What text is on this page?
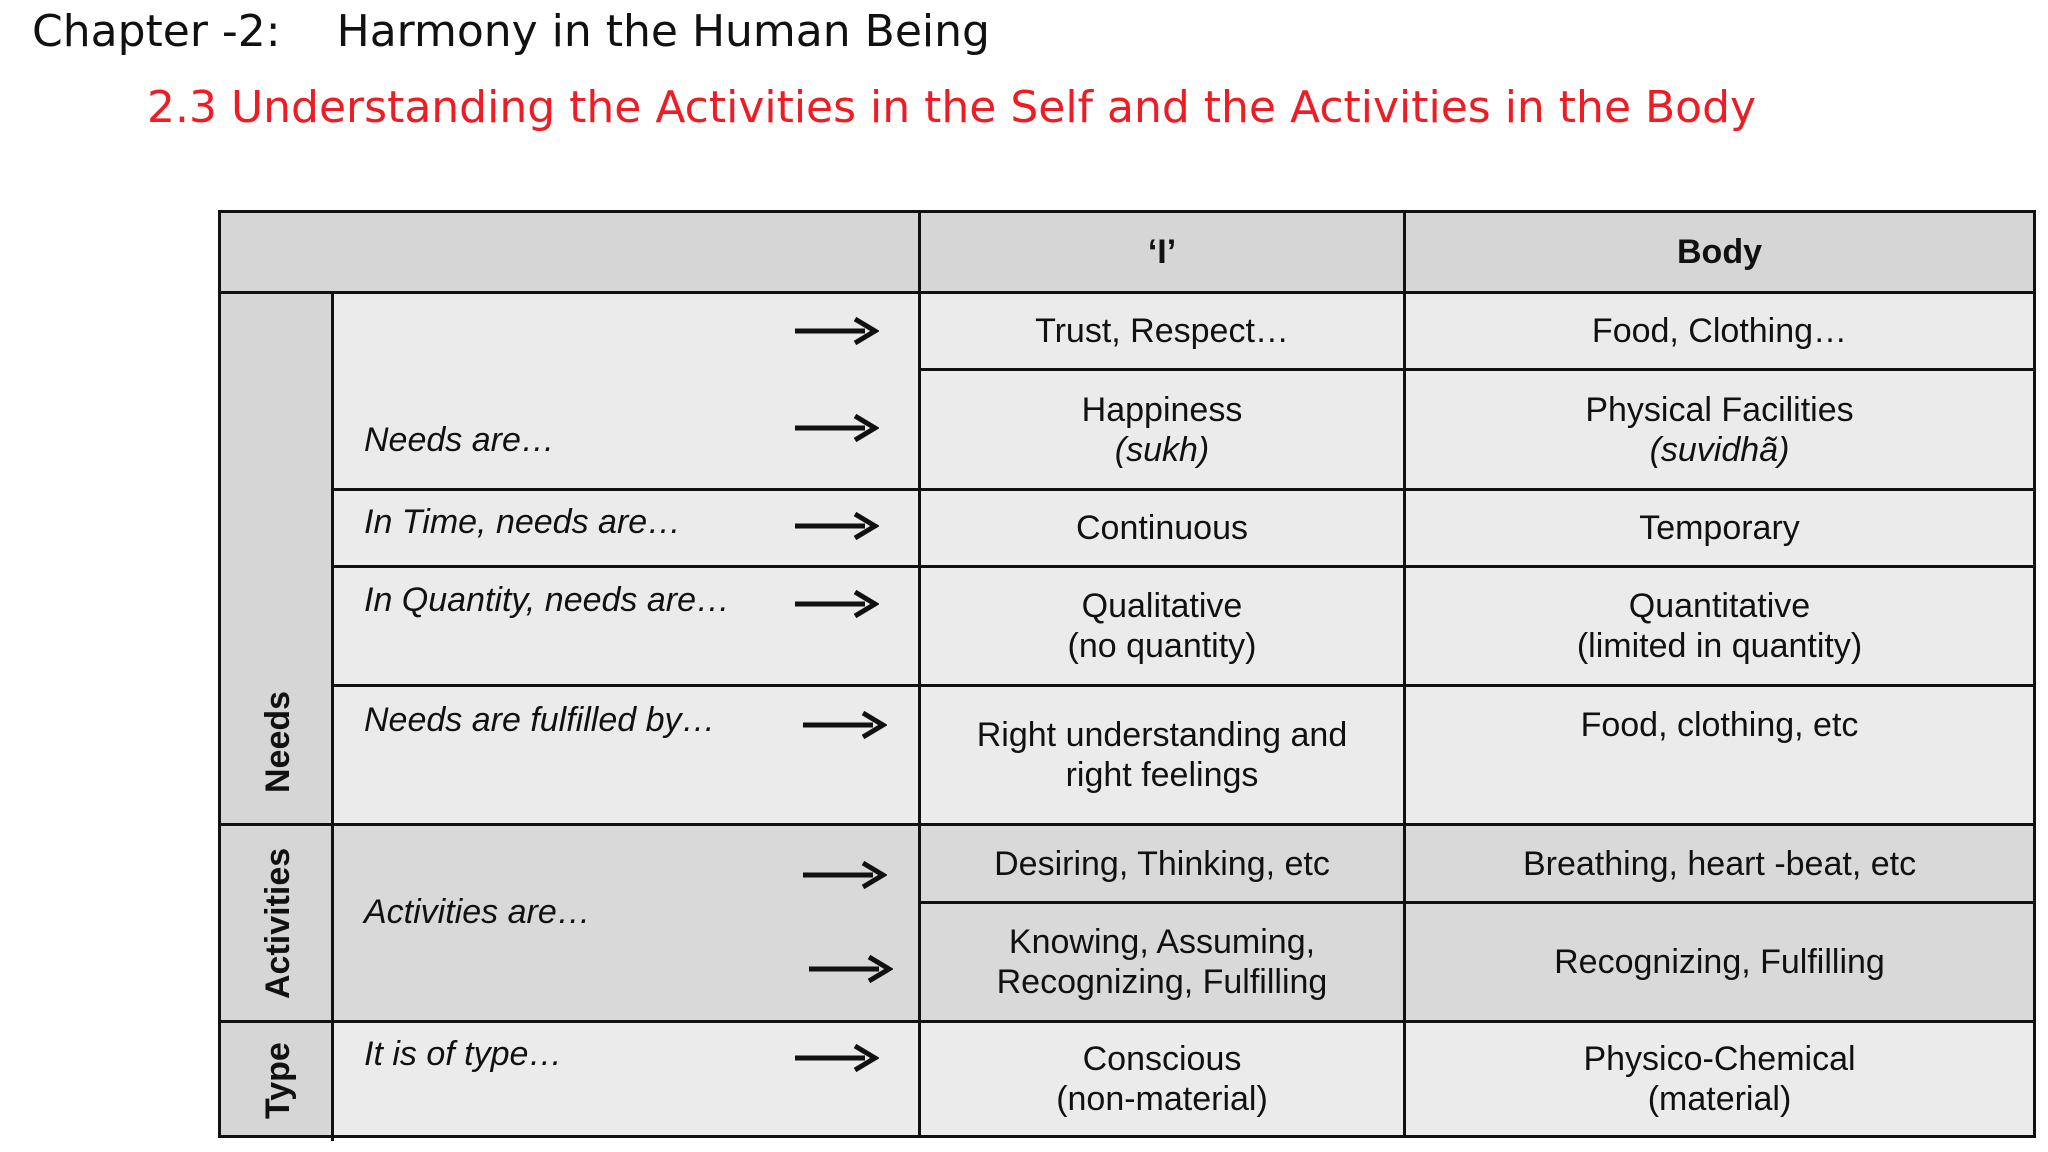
Chapter -2: Harmony in the Human Being
2.3 Understanding the Activities in the Self and the Activities in the Body
‘I’	Body
Needs
Activities
Type
Needs are…
In Time, needs are…
In Quantity, needs are…
Needs are fulfilled by…
Activities are…
It is of type…
Trust, Respect…
Happiness
(sukh)
Continuous
Qualitative
(no quantity)
Right understanding and
right feelings
Desiring, Thinking, etc
Knowing, Assuming,
Recognizing, Fulfilling
Conscious
(non-material)
Food, Clothing…
Physical Facilities
(suvidhã)
Temporary
Quantitative
(limited in quantity)
Food, clothing, etc
Breathing, heart -beat, etc
Recognizing, Fulfilling
Physico-Chemical
(material)
